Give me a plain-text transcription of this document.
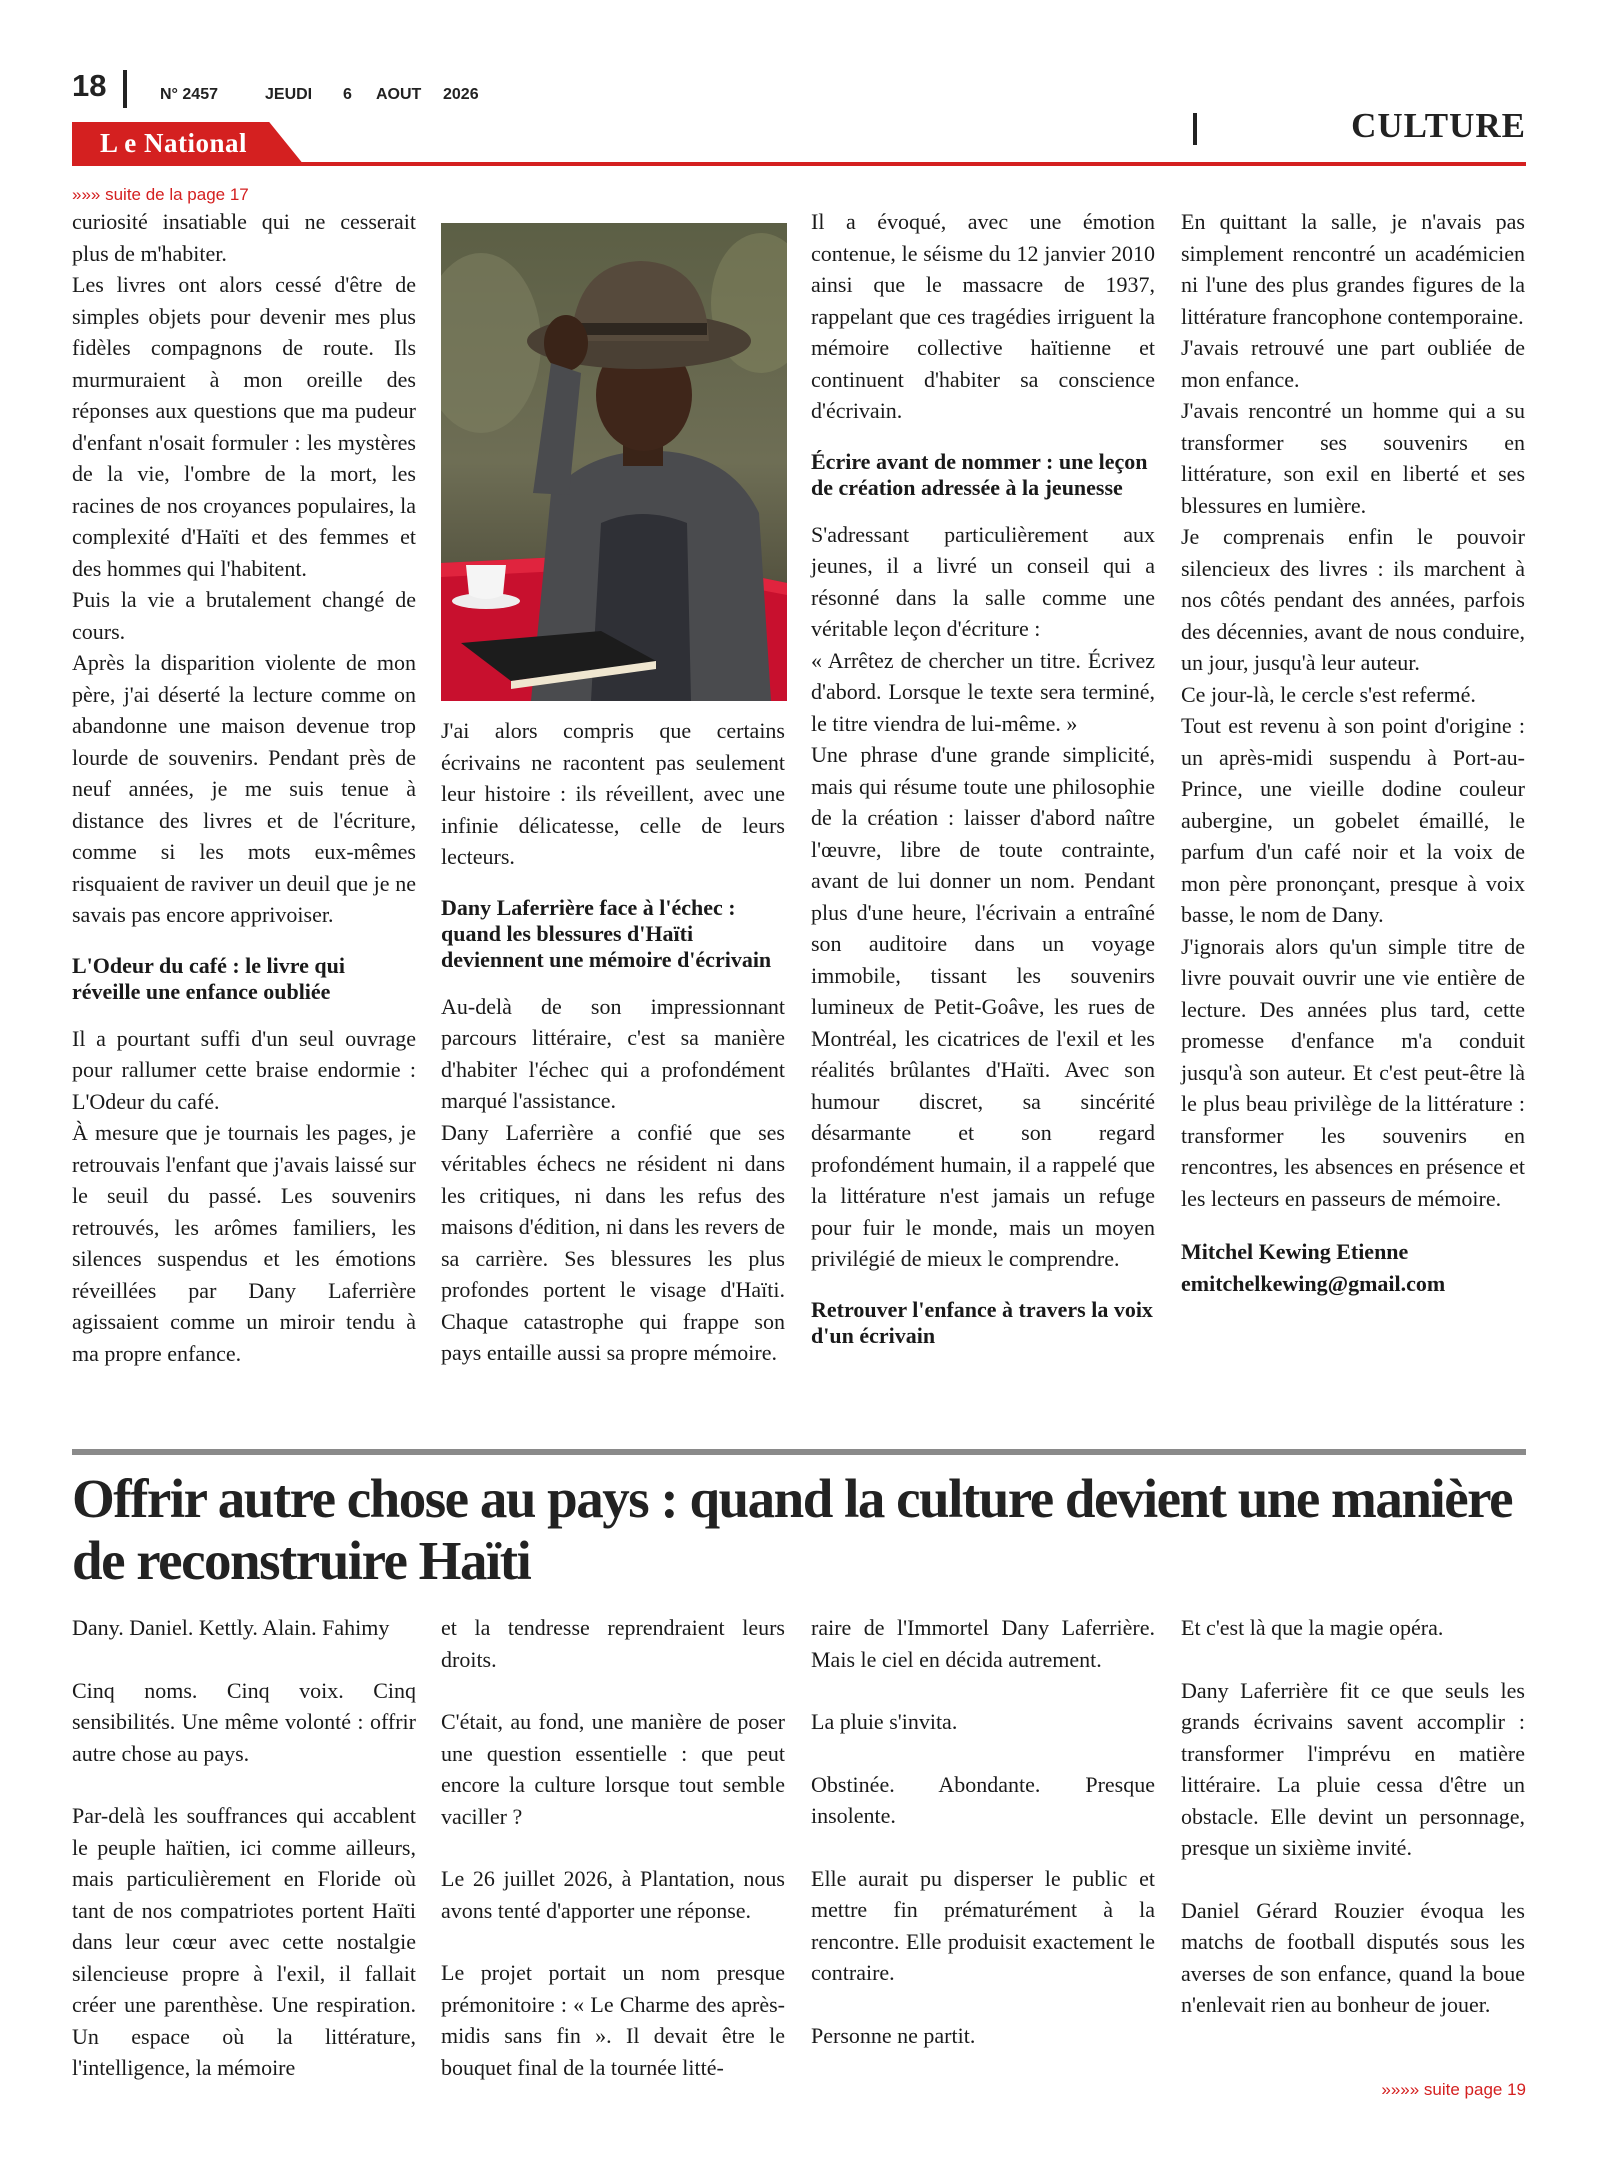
18	N° 2457	JEUDI 6 AOUT 2026
L e National	CULTURE
»»» suite de la page 17

curiosité insatiable qui ne cesserait plus de m'habiter.

Les livres ont alors cessé d'être de simples objets pour devenir mes plus fidèles compagnons de route. Ils murmuraient à mon oreille des réponses aux questions que ma pudeur d'enfant n'osait formuler : les mystères de la vie, l'ombre de la mort, les racines de nos croyances populaires, la complexité d'Haïti et des femmes et des hommes qui l'habitent.

Puis la vie a brutalement changé de cours.

Après la disparition violente de mon père, j'ai déserté la lecture comme on abandonne une maison devenue trop lourde de souvenirs. Pendant près de neuf années, je me suis tenue à distance des livres et de l'écriture, comme si les mots eux-mêmes risquaient de raviver un deuil que je ne savais pas encore apprivoiser.

L'Odeur du café : le livre qui réveille une enfance oubliée

Il a pourtant suffi d'un seul ouvrage pour rallumer cette braise endormie : L'Odeur du café.

À mesure que je tournais les pages, je retrouvais l'enfant que j'avais laissé sur le seuil du passé. Les souvenirs retrouvés, les arômes familiers, les silences suspendus et les émotions réveillées par Dany Laferrière agissaient comme un miroir tendu à ma propre enfance.

J'ai alors compris que certains écrivains ne racontent pas seulement leur histoire : ils réveillent, avec une infinie délicatesse, celle de leurs lecteurs.

Dany Laferrière face à l'échec : quand les blessures d'Haïti deviennent une mémoire d'écrivain

Au-delà de son impressionnant parcours littéraire, c'est sa manière d'habiter l'échec qui a profondément marqué l'assistance.

Dany Laferrière a confié que ses véritables échecs ne résident ni dans les critiques, ni dans les refus des maisons d'édition, ni dans les revers de sa carrière. Ses blessures les plus profondes portent le visage d'Haïti. Chaque catastrophe qui frappe son pays entaille aussi sa propre mémoire.

Il a évoqué, avec une émotion contenue, le séisme du 12 janvier 2010 ainsi que le massacre de 1937, rappelant que ces tragédies irriguent la mémoire collective haïtienne et continuent d'habiter sa conscience d'écrivain.

Écrire avant de nommer : une leçon de création adressée à la jeunesse

S'adressant particulièrement aux jeunes, il a livré un conseil qui a résonné dans la salle comme une véritable leçon d'écriture :

« Arrêtez de chercher un titre. Écrivez d'abord. Lorsque le texte sera terminé, le titre viendra de lui-même. »

Une phrase d'une grande simplicité, mais qui résume toute une philosophie de la création : laisser d'abord naître l'œuvre, libre de toute contrainte, avant de lui donner un nom. Pendant plus d'une heure, l'écrivain a entraîné son auditoire dans un voyage immobile, tissant les souvenirs lumineux de Petit-Goâve, les rues de Montréal, les cicatrices de l'exil et les réalités brûlantes d'Haïti. Avec son humour discret, sa sincérité désarmante et son regard profondément humain, il a rappelé que la littérature n'est jamais un refuge pour fuir le monde, mais un moyen privilégié de mieux le comprendre.

Retrouver l'enfance à travers la voix d'un écrivain

En quittant la salle, je n'avais pas simplement rencontré un académicien ni l'une des plus grandes figures de la littérature francophone contemporaine.

J'avais retrouvé une part oubliée de mon enfance.

J'avais rencontré un homme qui a su transformer ses souvenirs en littérature, son exil en liberté et ses blessures en lumière.

Je comprenais enfin le pouvoir silencieux des livres : ils marchent à nos côtés pendant des années, parfois des décennies, avant de nous conduire, un jour, jusqu'à leur auteur.

Ce jour-là, le cercle s'est refermé.

Tout est revenu à son point d'origine : un après-midi suspendu à Port-au-Prince, une vieille dodine couleur aubergine, un gobelet émaillé, le parfum d'un café noir et la voix de mon père prononçant, presque à voix basse, le nom de Dany.

J'ignorais alors qu'un simple titre de livre pouvait ouvrir une vie entière de lecture. Des années plus tard, cette promesse d'enfance m'a conduit jusqu'à son auteur. Et c'est peut-être là le plus beau privilège de la littérature : transformer les souvenirs en rencontres, les absences en présence et les lecteurs en passeurs de mémoire.

Mitchel Kewing Etienne

emitchelkewing@gmail.com

Offrir autre chose au pays : quand la culture devient une manière de reconstruire Haïti

Dany. Daniel. Kettly. Alain. Fahimy

Cinq noms. Cinq voix. Cinq sensibilités. Une même volonté : offrir autre chose au pays.

Par-delà les souffrances qui accablent le peuple haïtien, ici comme ailleurs, mais particulièrement en Floride où tant de nos compatriotes portent Haïti dans leur cœur avec cette nostalgie silencieuse propre à l'exil, il fallait créer une parenthèse. Une respiration. Un espace où la littérature, l'intelligence, la mémoire

et la tendresse reprendraient leurs droits.

C'était, au fond, une manière de poser une question essentielle : que peut encore la culture lorsque tout semble vaciller ?

Le 26 juillet 2026, à Plantation, nous avons tenté d'apporter une réponse.

Le projet portait un nom presque prémonitoire : « Le Charme des après-midis sans fin ». Il devait être le bouquet final de la tournée litté-

raire de l'Immortel Dany Laferrière. Mais le ciel en décida autrement.

La pluie s'invita.

Obstinée. Abondante. Presque insolente.

Elle aurait pu disperser le public et mettre fin prématurément à la rencontre. Elle produisit exactement le contraire.

Personne ne partit.

Et c'est là que la magie opéra.

Dany Laferrière fit ce que seuls les grands écrivains savent accomplir : transformer l'imprévu en matière littéraire. La pluie cessa d'être un obstacle. Elle devint un personnage, presque un sixième invité.

Daniel Gérard Rouzier évoqua les matchs de football disputés sous les averses de son enfance, quand la boue n'enlevait rien au bonheur de jouer.

»»»» suite page 19
